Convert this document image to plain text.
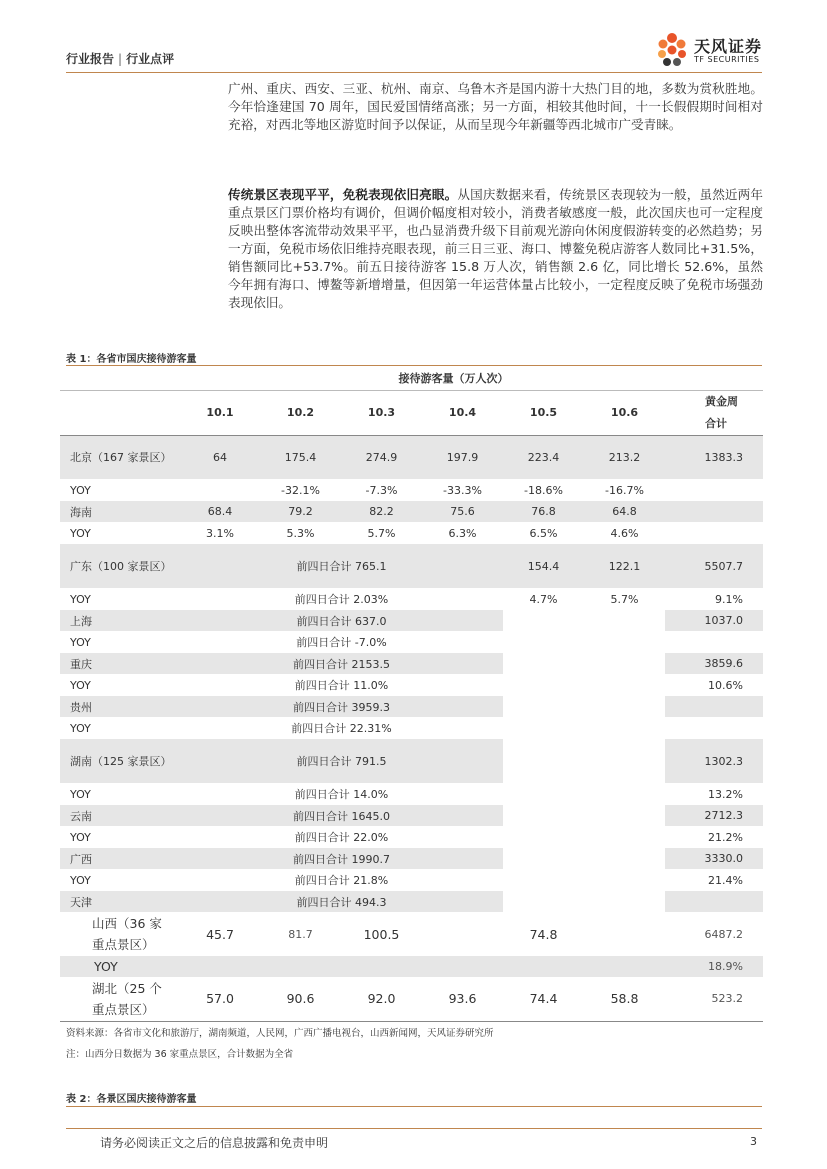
行业报告 | 行业点评
天风证券
TF SECURITIES
广州、重庆、西安、三亚、杭州、南京、乌鲁木齐是国内游十大热门目的地，多数为赏秋胜地。今年恰逢建国 70 周年，国民爱国情绪高涨；另一方面，相较其他时间，十一长假假期时间相对充裕，对西北等地区游览时间予以保证，从而呈现今年新疆等西北城市广受青睐。
传统景区表现平平，免税表现依旧亮眼。从国庆数据来看，传统景区表现较为一般，虽然近两年重点景区门票价格均有调价，但调价幅度相对较小，消费者敏感度一般，此次国庆也可一定程度反映出整体客流带动效果平平，也凸显消费升级下目前观光游向休闲度假游转变的必然趋势；另一方面，免税市场依旧维持亮眼表现，前三日三亚、海口、博鳌免税店游客人数同比+31.5%，销售额同比+53.7%。前五日接待游客 15.8 万人次，销售额 2.6 亿，同比增长 52.6%，虽然今年拥有海口、博鳌等新增增量，但因第一年运营体量占比较小，一定程度反映了免税市场强劲表现依旧。
表 1：各省市国庆接待游客量
	接待游客量（万人次）						
	10.1	10.2	10.3	10.4	10.5	10.6	黄金周
合计
北京（167 家景区）	64	175.4	274.9	197.9	223.4	213.2	1383.3
YOY		-32.1%	-7.3%	-33.3%	-18.6%	-16.7%	
海南	68.4	79.2	82.2	75.6	76.8	64.8	
YOY	3.1%	5.3%	5.7%	6.3%	6.5%	4.6%	
广东（100 家景区）	前四日合计 765.1				154.4	122.1	5507.7
YOY	前四日合计 2.03%				4.7%	5.7%	9.1%
上海	前四日合计 637.0						1037.0
YOY	前四日合计 -7.0%						
重庆	前四日合计 2153.5						3859.6
YOY	前四日合计 11.0%						10.6%
贵州	前四日合计 3959.3						
YOY	前四日合计 22.31%						
湖南（125 家景区）	前四日合计 791.5						1302.3
YOY	前四日合计 14.0%						13.2%
云南	前四日合计 1645.0						2712.3
YOY	前四日合计 22.0%						21.2%
广西	前四日合计 1990.7						3330.0
YOY	前四日合计 21.8%						21.4%
天津	前四日合计 494.3						
山西（36 家重点景区）	45.7	81.7	100.5		74.8		6487.2
YOY							18.9%
湖北（25 个重点景区）	57.0	90.6	92.0	93.6	74.4	58.8	523.2
资料来源：各省市文化和旅游厅，湖南频道，人民网，广西广播电视台，山西新闻网，天风证券研究所
注：山西分日数据为 36 家重点景区，合计数据为全省
表 2：各景区国庆接待游客量
请务必阅读正文之后的信息披露和免责申明	3
